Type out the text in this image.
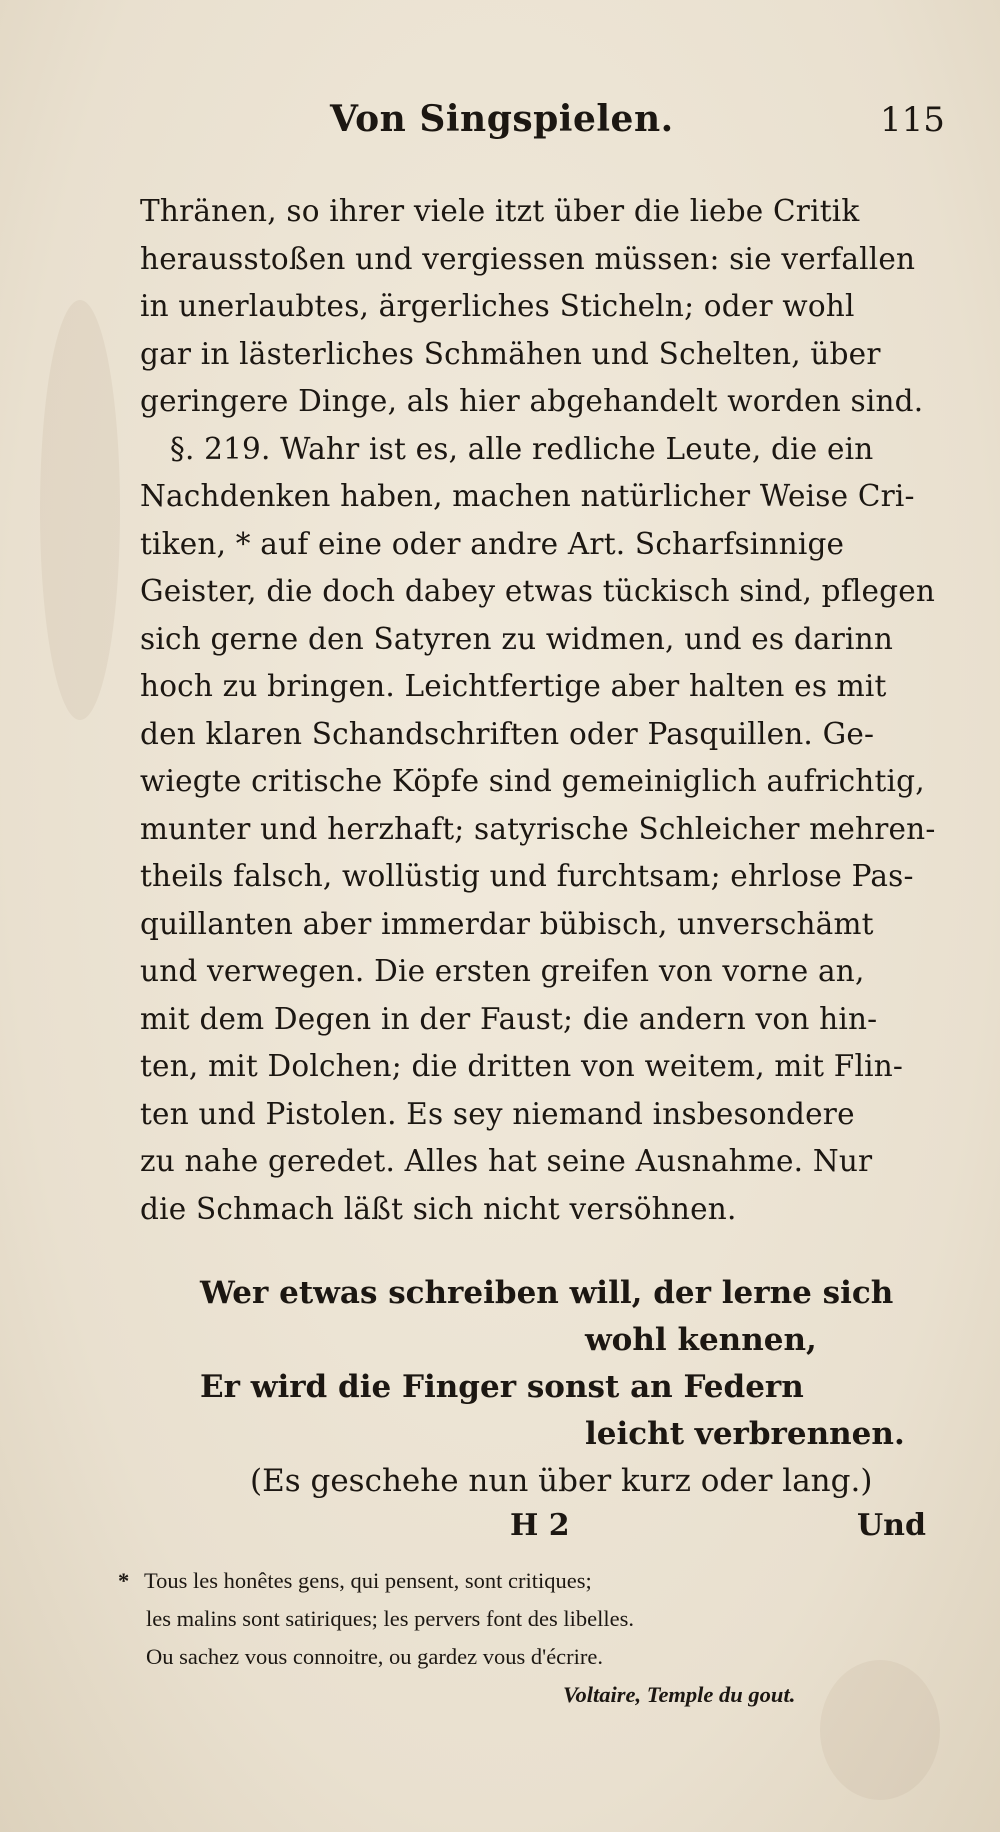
Von Singspielen.	115
Thränen, so ihrer viele itzt über die liebe Critik
herausstoßen und vergiessen müssen: sie verfallen
in unerlaubtes, ärgerliches Sticheln; oder wohl
gar in lästerliches Schmähen und Schelten, über
geringere Dinge, als hier abgehandelt worden sind.
§. 219. Wahr ist es, alle redliche Leute, die ein
Nachdenken haben, machen natürlicher Weise Cri-
tiken, * auf eine oder andre Art. Scharfsinnige
Geister, die doch dabey etwas tückisch sind, pflegen
sich gerne den Satyren zu widmen, und es darinn
hoch zu bringen. Leichtfertige aber halten es mit
den klaren Schandschriften oder Pasquillen. Ge-
wiegte critische Köpfe sind gemeiniglich aufrichtig,
munter und herzhaft; satyrische Schleicher mehren-
theils falsch, wollüstig und furchtsam; ehrlose Pas-
quillanten aber immerdar bübisch, unverschämt
und verwegen. Die ersten greifen von vorne an,
mit dem Degen in der Faust; die andern von hin-
ten, mit Dolchen; die dritten von weitem, mit Flin-
ten und Pistolen. Es sey niemand insbesondere
zu nahe geredet. Alles hat seine Ausnahme. Nur
die Schmach läßt sich nicht versöhnen.
Wer etwas schreiben will, der lerne sich
wohl kennen,
Er wird die Finger sonst an Federn
leicht verbrennen.
(Es geschehe nun über kurz oder lang.)
H 2	Und
* Tous les honêtes gens, qui pensent, sont critiques;
les malins sont satiriques; les pervers font des libelles.
Ou sachez vous connoitre, ou gardez vous d'écrire.
Voltaire, Temple du gout.
